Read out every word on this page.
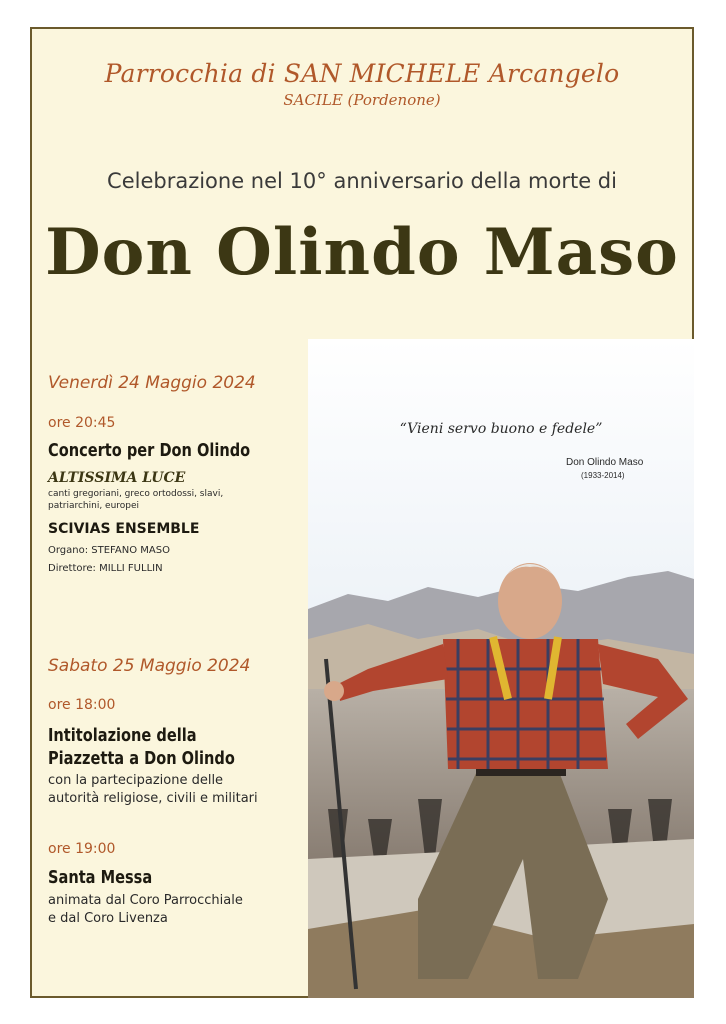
Parrocchia di SAN MICHELE Arcangelo
SACILE (Pordenone)
Celebrazione nel 10° anniversario della morte di
Don Olindo Maso
Venerdì 24 Maggio 2024
ore 20:45
Concerto per Don Olindo
ALTISSIMA LUCE
canti gregoriani, greco ortodossi, slavi,
patriarchini, europei
SCIVIAS ENSEMBLE
Organo: STEFANO MASO
Direttore: MILLI FULLIN
Sabato 25 Maggio 2024
ore 18:00
Intitolazione della
Piazzetta a Don Olindo
con la partecipazione delle
autorità religiose, civili e militari
ore 19:00
Santa Messa
animata dal Coro Parrocchiale
e dal Coro Livenza
“Vieni servo buono e fedele”
Don Olindo Maso
(1933-2014)
